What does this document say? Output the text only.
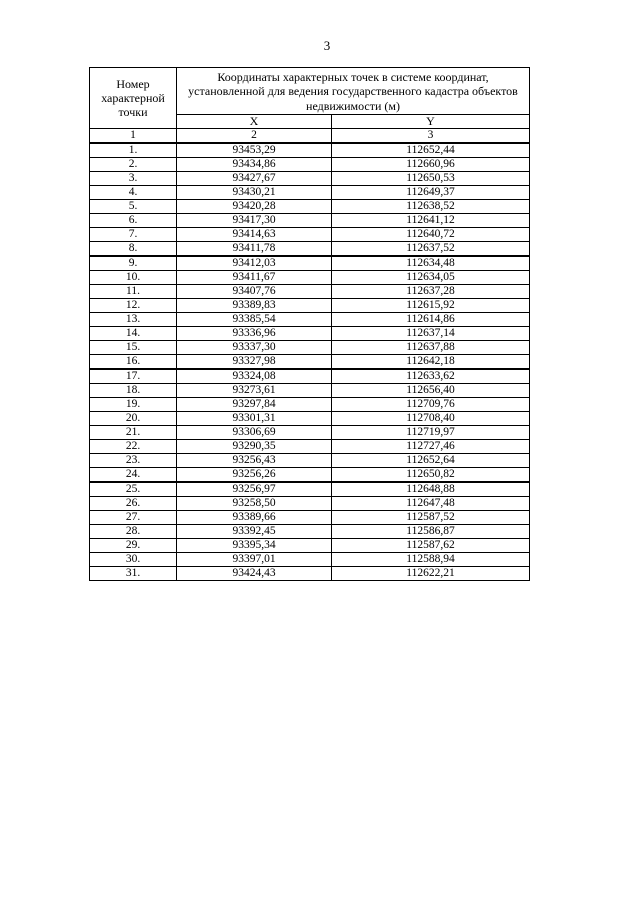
3
Номер характерной точки	Координаты характерных точек в системе координат, установленной для ведения государственного кадастра объектов недвижимости (м)	
	X	Y
1	2	3
1.	93453,29	112652,44
2.	93434,86	112660,96
3.	93427,67	112650,53
4.	93430,21	112649,37
5.	93420,28	112638,52
6.	93417,30	112641,12
7.	93414,63	112640,72
8.	93411,78	112637,52
9.	93412,03	112634,48
10.	93411,67	112634,05
11.	93407,76	112637,28
12.	93389,83	112615,92
13.	93385,54	112614,86
14.	93336,96	112637,14
15.	93337,30	112637,88
16.	93327,98	112642,18
17.	93324,08	112633,62
18.	93273,61	112656,40
19.	93297,84	112709,76
20.	93301,31	112708,40
21.	93306,69	112719,97
22.	93290,35	112727,46
23.	93256,43	112652,64
24.	93256,26	112650,82
25.	93256,97	112648,88
26.	93258,50	112647,48
27.	93389,66	112587,52
28.	93392,45	112586,87
29.	93395,34	112587,62
30.	93397,01	112588,94
31.	93424,43	112622,21
